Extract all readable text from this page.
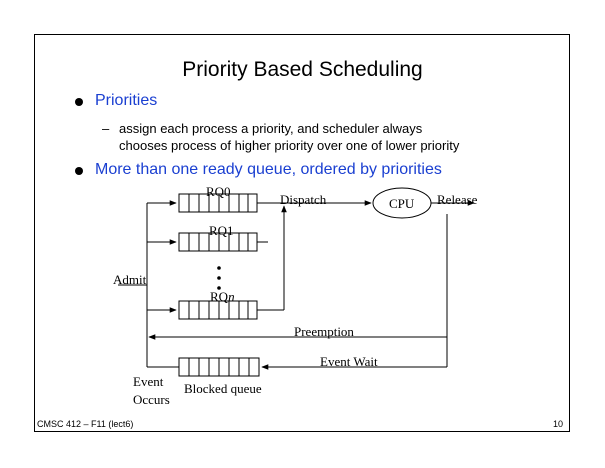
Priority Based Scheduling
Priorities
– assign each process a priority, and scheduler always
chooses process of higher priority over one of lower priority
More than one ready queue, ordered by priorities
RQ0
RQ1
RQn
Dispatch	CPU Release
Preemption
Event Wait
Blocked queue
Admit
Event
Occurs
CMSC 412 – F11 (lect6)	10
